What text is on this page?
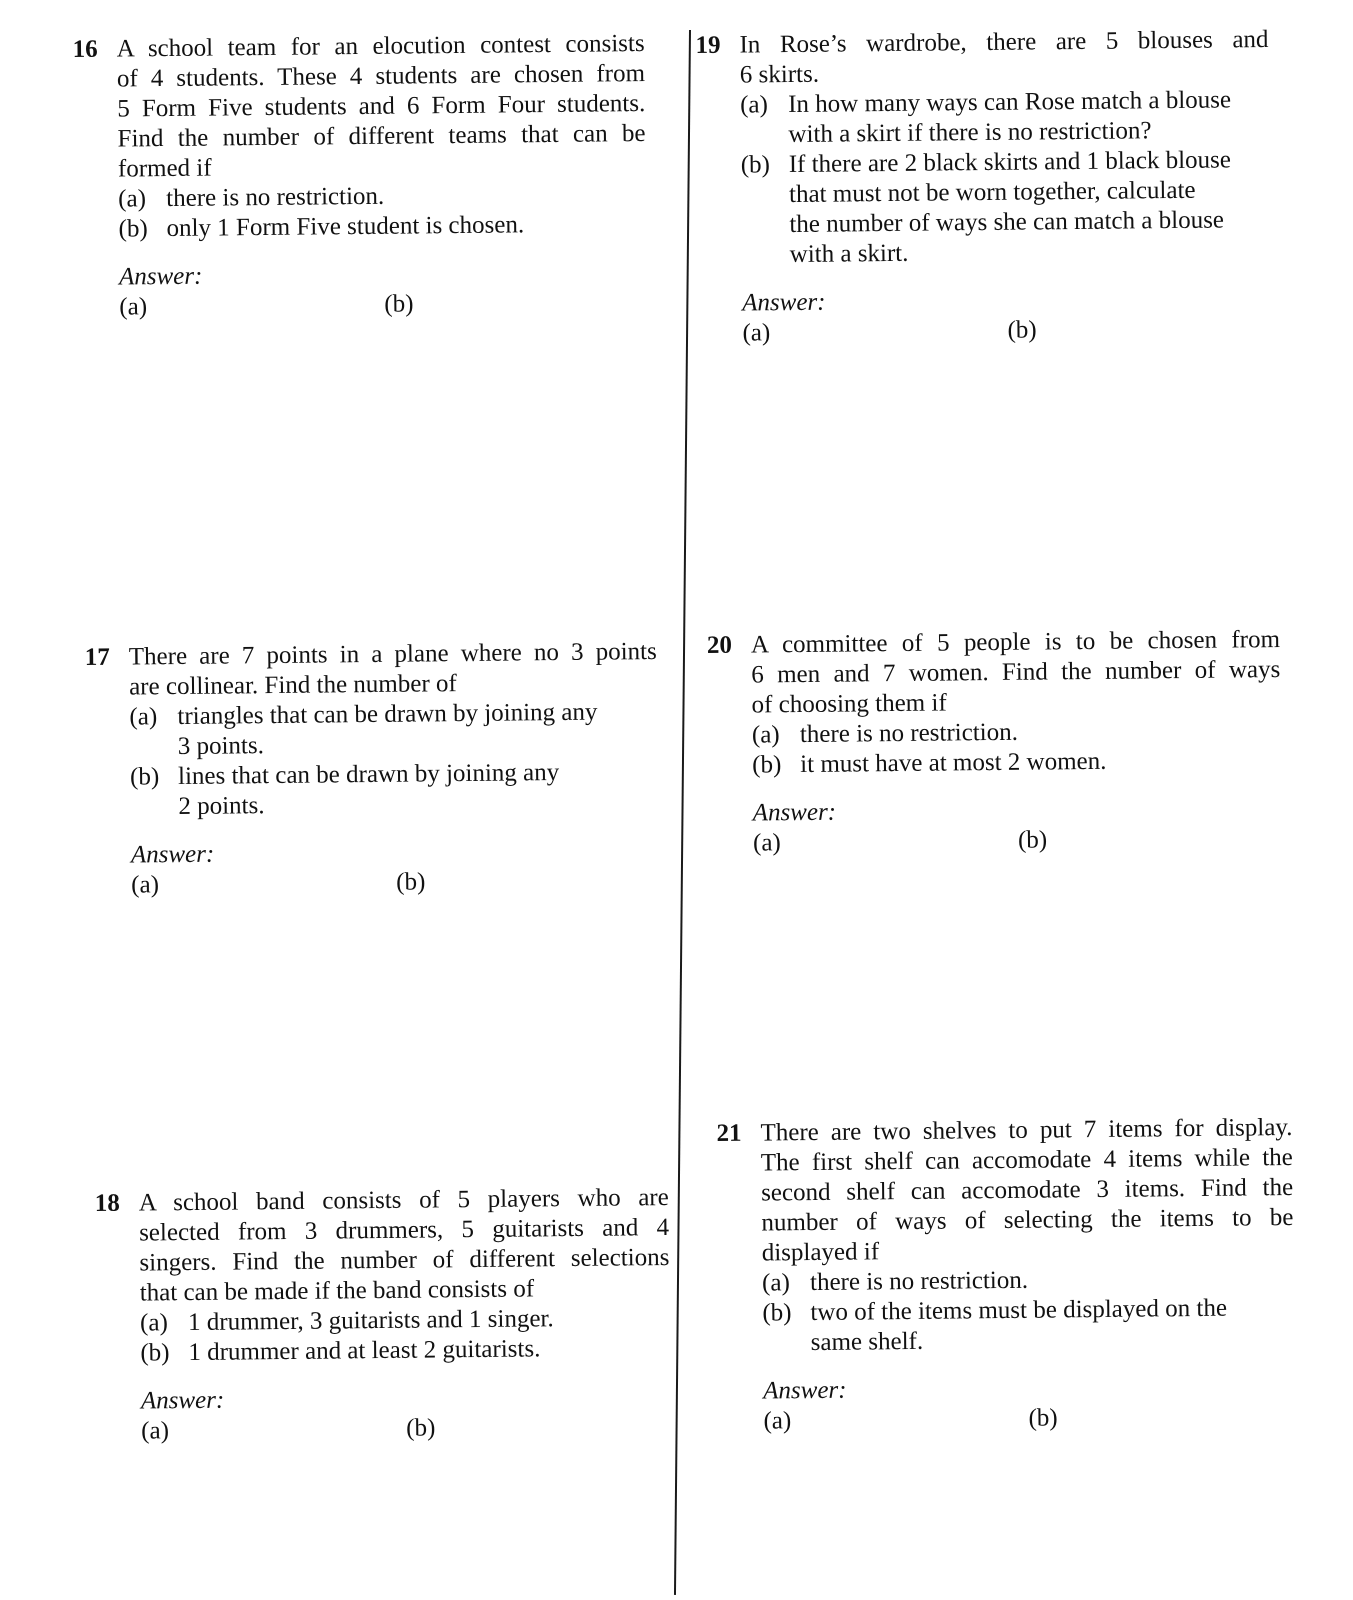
16 A school team for an elocution contest consists
of 4 students. These 4 students are chosen from
5 Form Five students and 6 Form Four students.
Find the number of different teams that can be
formed if
(a) there is no restriction.
(b) only 1 Form Five student is chosen.
Answer:
(a)	(b)
17 There are 7 points in a plane where no 3 points
are collinear. Find the number of
(a) triangles that can be drawn by joining any
3 points.
(b) lines that can be drawn by joining any
2 points.
Answer:
(a)	(b)
18 A school band consists of 5 players who are
selected from 3 drummers, 5 guitarists and 4
singers. Find the number of different selections
that can be made if the band consists of
(a) 1 drummer, 3 guitarists and 1 singer.
(b) 1 drummer and at least 2 guitarists.
Answer:
(a)	(b)
19 In Rose’s wardrobe, there are 5 blouses and
6 skirts.
(a) In how many ways can Rose match a blouse
with a skirt if there is no restriction?
(b) If there are 2 black skirts and 1 black blouse
that must not be worn together, calculate
the number of ways she can match a blouse
with a skirt.
Answer:
(a)	(b)
20 A committee of 5 people is to be chosen from
6 men and 7 women. Find the number of ways
of choosing them if
(a) there is no restriction.
(b) it must have at most 2 women.
Answer:
(a)	(b)
21 There are two shelves to put 7 items for display.
The first shelf can accomodate 4 items while the
second shelf can accomodate 3 items. Find the
number of ways of selecting the items to be
displayed if
(a) there is no restriction.
(b) two of the items must be displayed on the
same shelf.
Answer:
(a)	(b)
